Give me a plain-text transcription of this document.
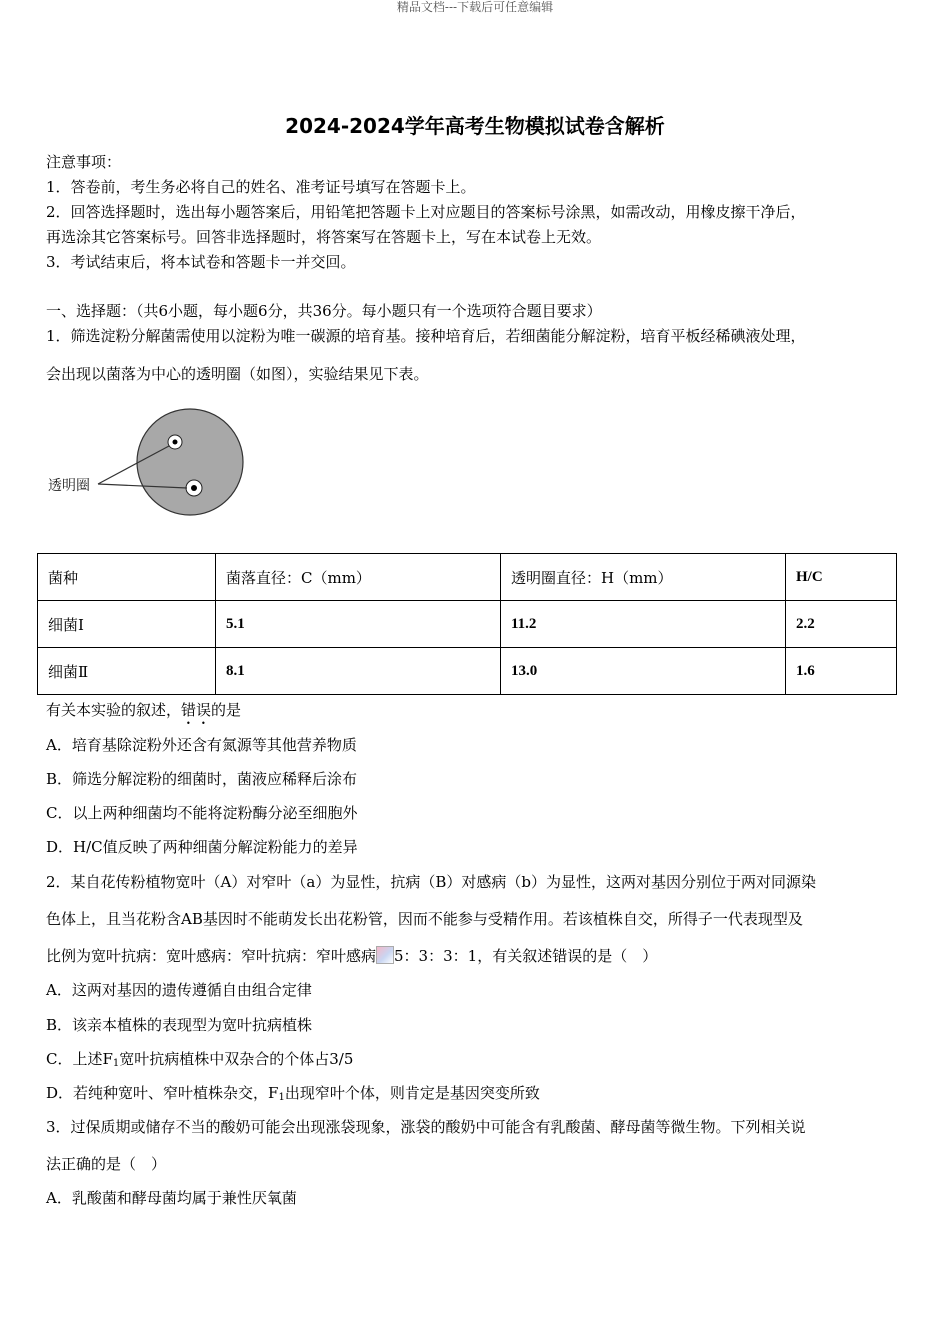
精品文档---下载后可任意编辑
2024-2024学年高考生物模拟试卷含解析
注意事项：
1．答卷前，考生务必将自己的姓名、准考证号填写在答题卡上。
2．回答选择题时，选出每小题答案后，用铅笔把答题卡上对应题目的答案标号涂黑，如需改动，用橡皮擦干净后，
再选涂其它答案标号。回答非选择题时，将答案写在答题卡上，写在本试卷上无效。
3．考试结束后，将本试卷和答题卡一并交回。
一、选择题：（共6小题，每小题6分，共36分。每小题只有一个选项符合题目要求）
1．筛选淀粉分解菌需使用以淀粉为唯一碳源的培育基。接种培育后，若细菌能分解淀粉，培育平板经稀碘液处理，
会出现以菌落为中心的透明圈（如图），实验结果见下表。
透明圈
菌种	菌落直径：C（mm）	透明圈直径：H（mm）	H/C
细菌Ⅰ	5.1	11.2	2.2
细菌Ⅱ	8.1	13.0	1.6
有关本实验的叙述，错误的是
A．培育基除淀粉外还含有氮源等其他营养物质
B．筛选分解淀粉的细菌时，菌液应稀释后涂布
C．以上两种细菌均不能将淀粉酶分泌至细胞外
D．H/C值反映了两种细菌分解淀粉能力的差异
2．某自花传粉植物宽叶（A）对窄叶（a）为显性，抗病（B）对感病（b）为显性，这两对基因分别位于两对同源染
色体上，且当花粉含AB基因时不能萌发长出花粉管，因而不能参与受精作用。若该植株自交，所得子一代表现型及
比例为宽叶抗病：宽叶感病：窄叶抗病：窄叶感病 5：3：3：1，有关叙述错误的是（　）
A．这两对基因的遗传遵循自由组合定律
B．该亲本植株的表现型为宽叶抗病植株
C．上述$F_1$宽叶抗病植株中双杂合的个体占3/5
D．若纯种宽叶、窄叶植株杂交，$F_1$出现窄叶个体，则肯定是基因突变所致
3．过保质期或储存不当的酸奶可能会出现涨袋现象，涨袋的酸奶中可能含有乳酸菌、酵母菌等微生物。下列相关说
法正确的是（　）
A．乳酸菌和酵母菌均属于兼性厌氧菌
